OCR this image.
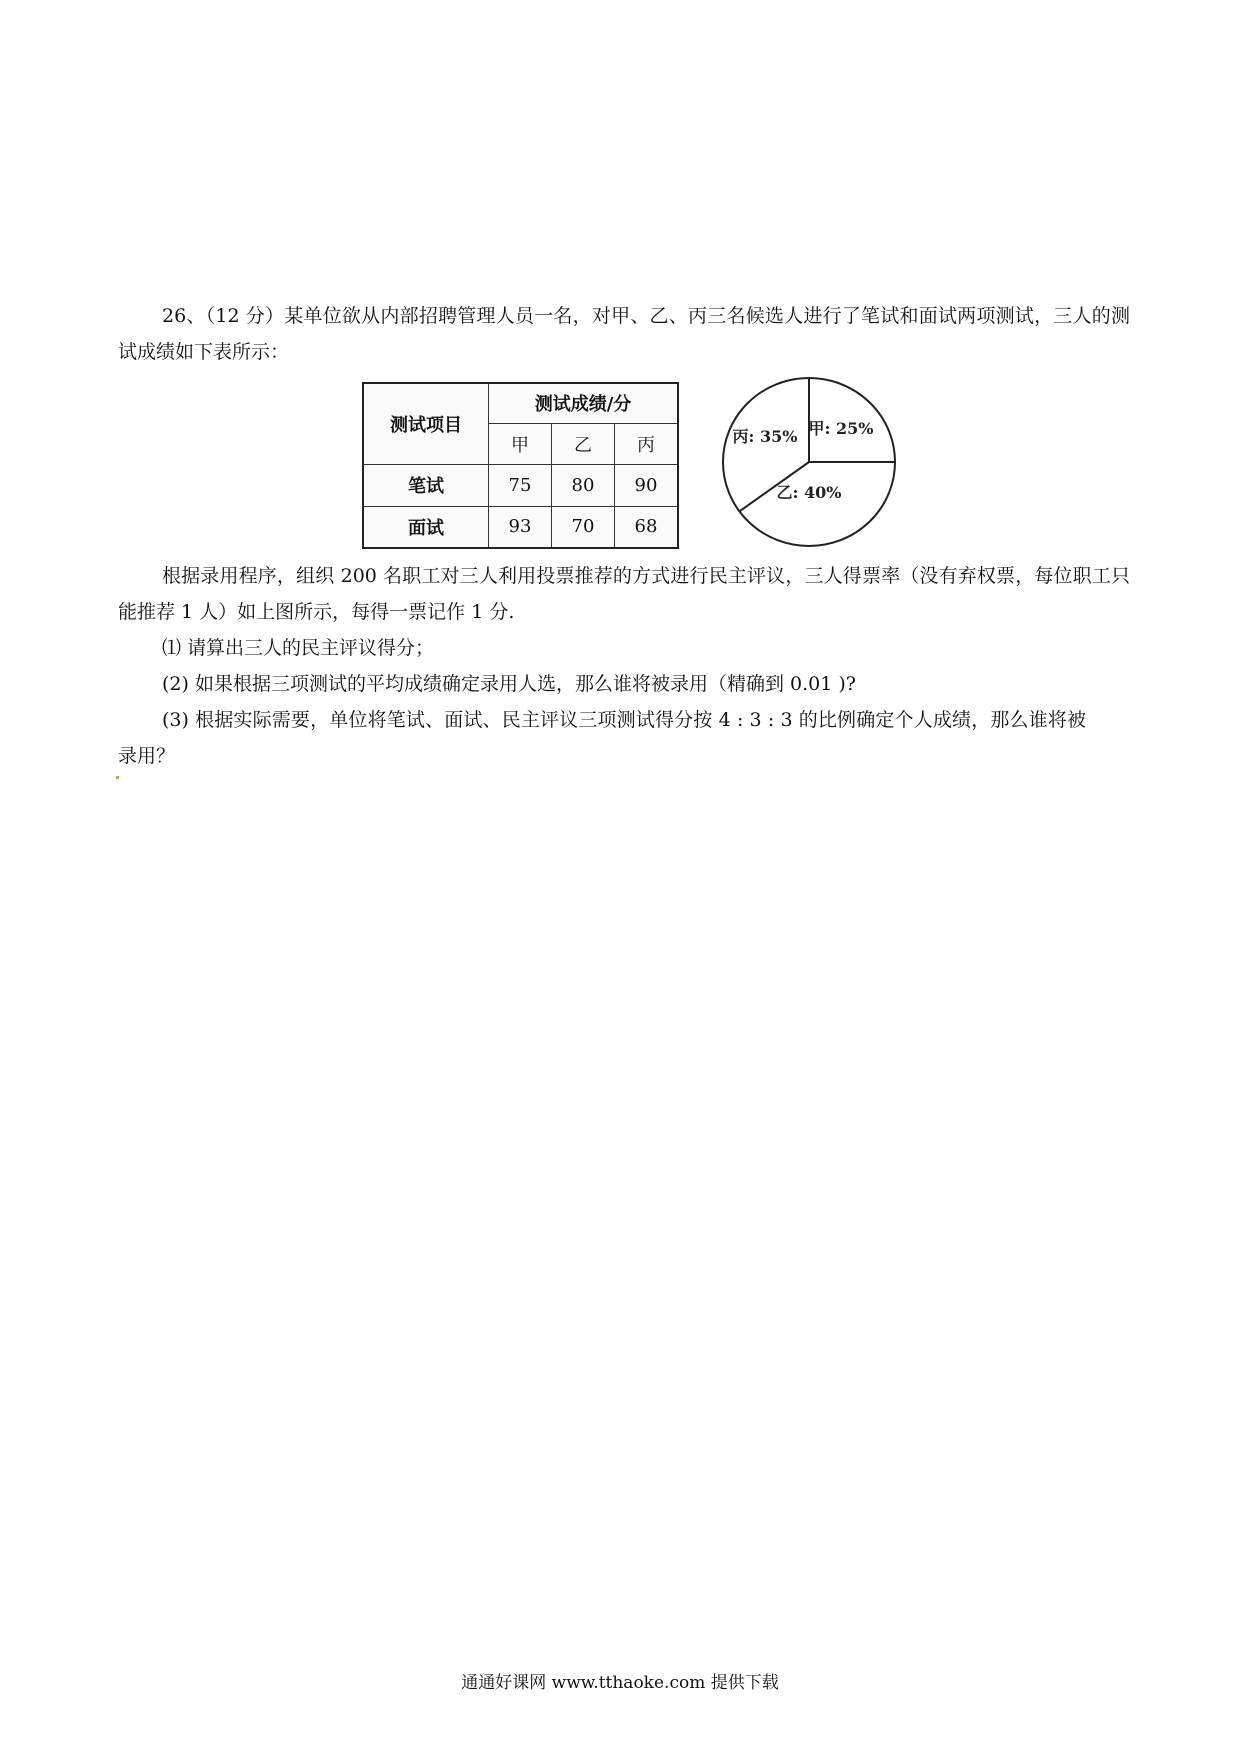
26、（12 分）某单位欲从内部招聘管理人员一名，对甲、乙、丙三名候选人进行了笔试和面试两项测试，三人的测试成绩如下表所示：

测试项目	测试成绩/分		
	甲	乙	丙
笔试	75	80	90
面试	93	70	68
甲: 25%
乙: 40%
丙: 35%

根据录用程序，组织 200 名职工对三人利用投票推荐的方式进行民主评议，三人得票率（没有弃权票，每位职工只能推荐 1 人）如上图所示，每得一票记作 1 分.

⑴ 请算出三人的民主评议得分；

(2) 如果根据三项测试的平均成绩确定录用人选，那么谁将被录用（精确到 0.01 )?

(3) 根据实际需要，单位将笔试、面试、民主评议三项测试得分按 4 : 3 : 3 的比例确定个人成绩，那么谁将被录用？

通通好课网 www.tthaoke.com 提供下载
